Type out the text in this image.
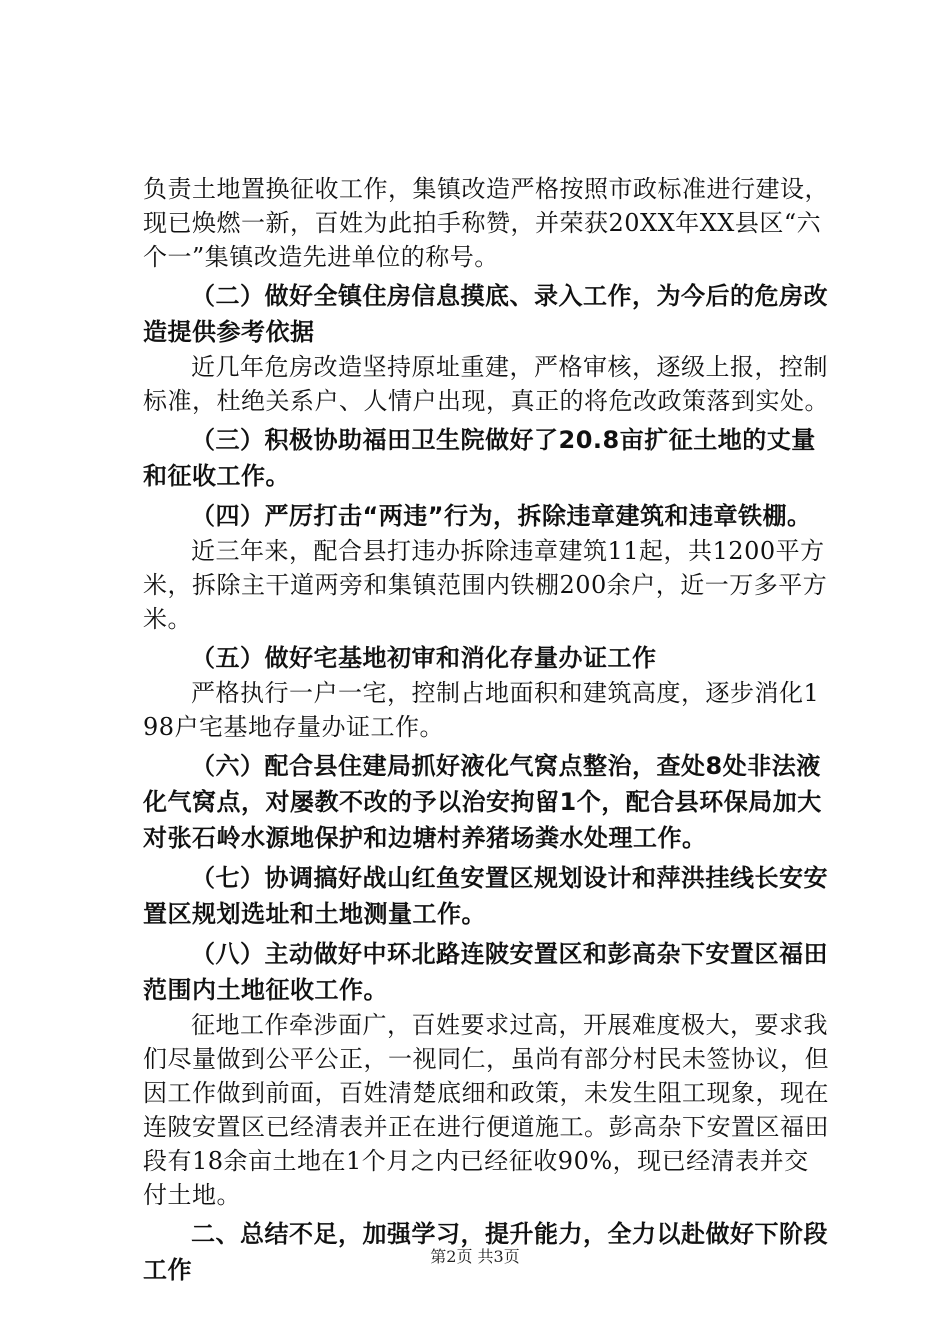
负责土地置换征收工作，集镇改造严格按照市政标准进行建设，现已焕燃一新，百姓为此拍手称赞，并荣获20XX年XX县区“六个一”集镇改造先进单位的称号。

（二）做好全镇住房信息摸底、录入工作，为今后的危房改造提供参考依据

近几年危房改造坚持原址重建，严格审核，逐级上报，控制标准，杜绝关系户、人情户出现，真正的将危改政策落到实处。

（三）积极协助福田卫生院做好了20.8亩扩征土地的丈量和征收工作。

（四）严厉打击“两违”行为，拆除违章建筑和违章铁棚。

近三年来，配合县打违办拆除违章建筑11起，共1200平方米，拆除主干道两旁和集镇范围内铁棚200余户，近一万多平方米。

（五）做好宅基地初审和消化存量办证工作

严格执行一户一宅，控制占地面积和建筑高度，逐步消化198户宅基地存量办证工作。

（六）配合县住建局抓好液化气窝点整治，查处8处非法液化气窝点，对屡教不改的予以治安拘留1个，配合县环保局加大对张石岭水源地保护和边塘村养猪场粪水处理工作。

（七）协调搞好战山红鱼安置区规划设计和萍洪挂线长安安置区规划选址和土地测量工作。

（八）主动做好中环北路连陂安置区和彭高杂下安置区福田范围内土地征收工作。

征地工作牵涉面广，百姓要求过高，开展难度极大，要求我们尽量做到公平公正，一视同仁，虽尚有部分村民未签协议，但因工作做到前面，百姓清楚底细和政策，未发生阻工现象，现在连陂安置区已经清表并正在进行便道施工。彭高杂下安置区福田段有18余亩土地在1个月之内已经征收90%，现已经清表并交付土地。

二、总结不足，加强学习，提升能力，全力以赴做好下阶段工作	第2页 共3页
